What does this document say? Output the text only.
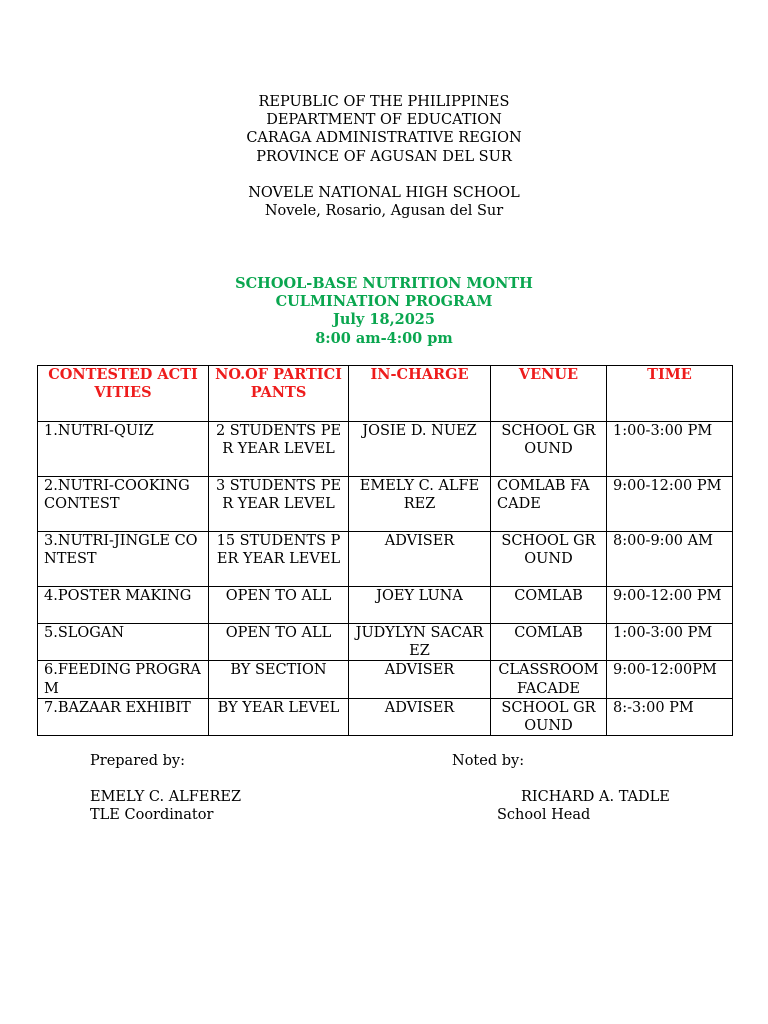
REPUBLIC OF THE PHILIPPINES
DEPARTMENT OF EDUCATION
CARAGA ADMINISTRATIVE REGION
PROVINCE OF AGUSAN DEL SUR
NOVELE NATIONAL HIGH SCHOOL
Novele, Rosario, Agusan del Sur
SCHOOL-BASE NUTRITION MONTH
CULMINATION PROGRAM
July 18,2025
8:00 am-4:00 pm
CONTESTED ACTIVITIES	NO.OF PARTICIPANTS	IN-CHARGE	VENUE	TIME
1.NUTRI-QUIZ	2 STUDENTS PER YEAR LEVEL	JOSIE D. NUEZ	SCHOOL GROUND	1:00-3:00 PM
2.NUTRI-COOKING CONTEST	3 STUDENTS PER YEAR LEVEL	EMELY C. ALFEREZ	COMLAB FACADE	9:00-12:00 PM
3.NUTRI-JINGLE CONTEST	15 STUDENTS PER YEAR LEVEL	ADVISER	SCHOOL GROUND	8:00-9:00 AM
4.POSTER MAKING	OPEN TO ALL	JOEY LUNA	COMLAB	9:00-12:00 PM
5.SLOGAN	OPEN TO ALL	JUDYLYN SACAREZ	COMLAB	1:00-3:00 PM
6.FEEDING PROGRAM	BY SECTION	ADVISER	CLASSROOM FACADE	9:00-12:00PM
7.BAZAAR EXHIBIT	BY YEAR LEVEL	ADVISER	SCHOOL GROUND	8:-3:00 PM
Prepared by:
EMELY C. ALFEREZ
TLE Coordinator
Noted by:
RICHARD A. TADLE
School Head
